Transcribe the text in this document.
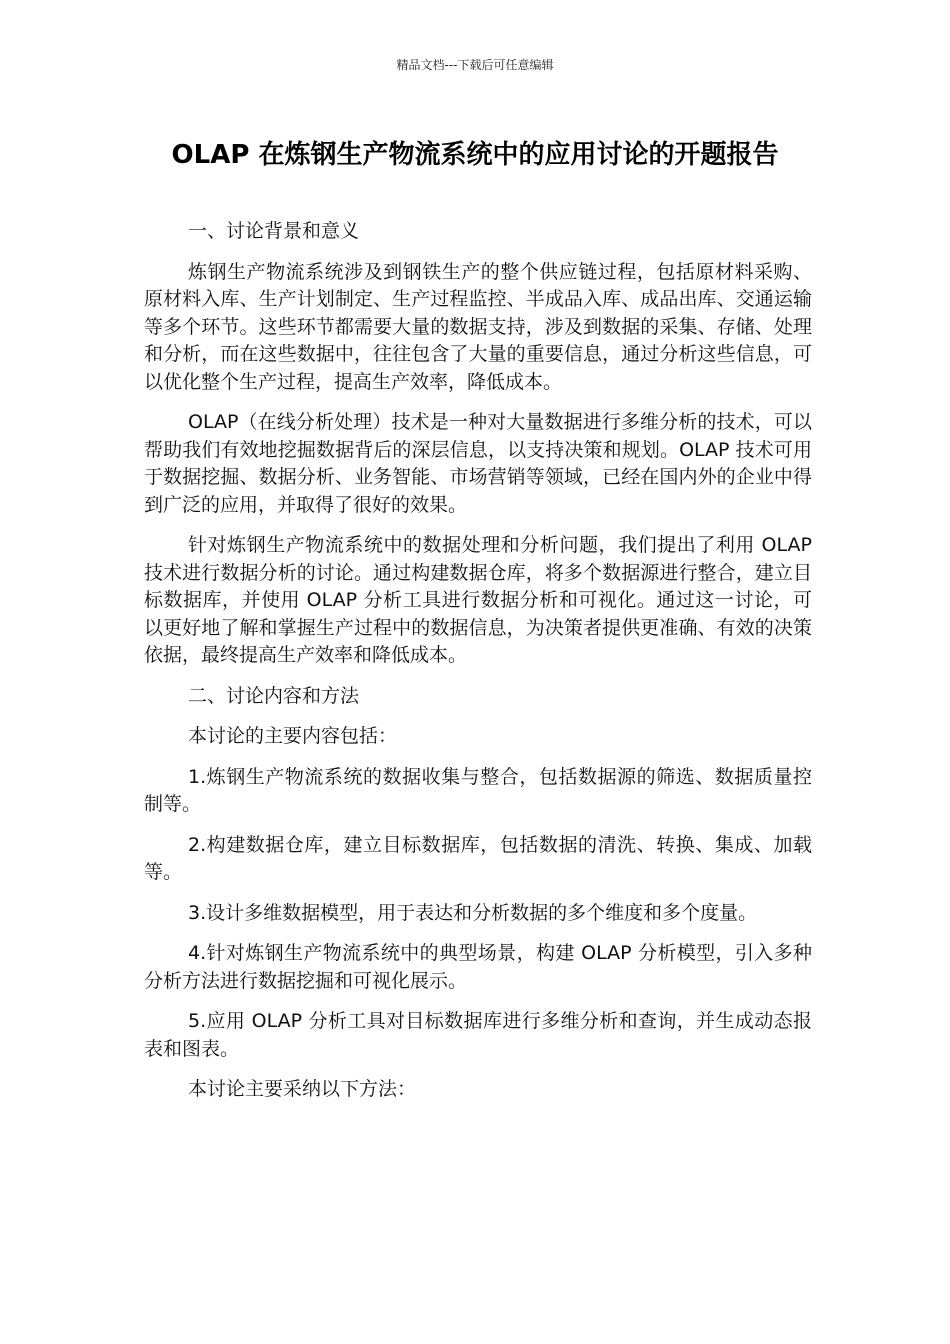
精品文档---下载后可任意编辑
OLAP 在炼钢生产物流系统中的应用讨论的开题报告

一、讨论背景和意义

炼钢生产物流系统涉及到钢铁生产的整个供应链过程，包括原材料采购、原材料入库、生产计划制定、生产过程监控、半成品入库、成品出库、交通运输等多个环节。这些环节都需要大量的数据支持，涉及到数据的采集、存储、处理和分析，而在这些数据中，往往包含了大量的重要信息，通过分析这些信息，可以优化整个生产过程，提高生产效率，降低成本。

OLAP（在线分析处理）技术是一种对大量数据进行多维分析的技术，可以帮助我们有效地挖掘数据背后的深层信息，以支持决策和规划。OLAP 技术可用于数据挖掘、数据分析、业务智能、市场营销等领域，已经在国内外的企业中得到广泛的应用，并取得了很好的效果。

针对炼钢生产物流系统中的数据处理和分析问题，我们提出了利用 OLAP 技术进行数据分析的讨论。通过构建数据仓库，将多个数据源进行整合，建立目标数据库，并使用 OLAP 分析工具进行数据分析和可视化。通过这一讨论，可以更好地了解和掌握生产过程中的数据信息，为决策者提供更准确、有效的决策依据，最终提高生产效率和降低成本。

二、讨论内容和方法

本讨论的主要内容包括：

1.炼钢生产物流系统的数据收集与整合，包括数据源的筛选、数据质量控制等。

2.构建数据仓库，建立目标数据库，包括数据的清洗、转换、集成、加载等。

3.设计多维数据模型，用于表达和分析数据的多个维度和多个度量。

4.针对炼钢生产物流系统中的典型场景，构建 OLAP 分析模型，引入多种分析方法进行数据挖掘和可视化展示。

5.应用 OLAP 分析工具对目标数据库进行多维分析和查询，并生成动态报表和图表。

本讨论主要采纳以下方法：
